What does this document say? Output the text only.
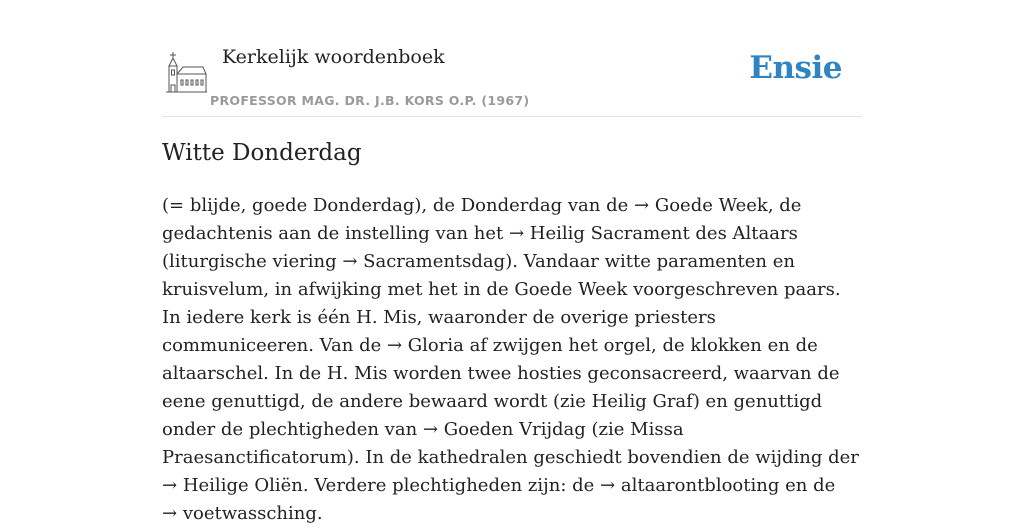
Kerkelijk woordenboek
PROFESSOR MAG. DR. J.B. KORS O.P. (1967)
Ensie
Witte Donderdag

(= blijde, goede Donderdag), de Donderdag van de → Goede Week, de gedachtenis aan de instelling van het → Heilig Sacrament des Altaars (liturgische viering → Sacramentsdag). Vandaar witte paramenten en kruisvelum, in afwijking met het in de Goede Week voorgeschreven paars. In iedere kerk is één H. Mis, waaronder de overige priesters communiceeren. Van de → Gloria af zwijgen het orgel, de klokken en de altaarschel. In de H. Mis worden twee hosties geconsacreerd, waarvan de eene genuttigd, de andere bewaard wordt (zie Heilig Graf) en genuttigd onder de plechtigheden van → Goeden Vrijdag (zie Missa Praesanctificatorum). In de kathedralen geschiedt bovendien de wijding der → Heilige Oliën. Verdere plechtigheden zijn: de → altaarontblooting en de → voetwassching.
